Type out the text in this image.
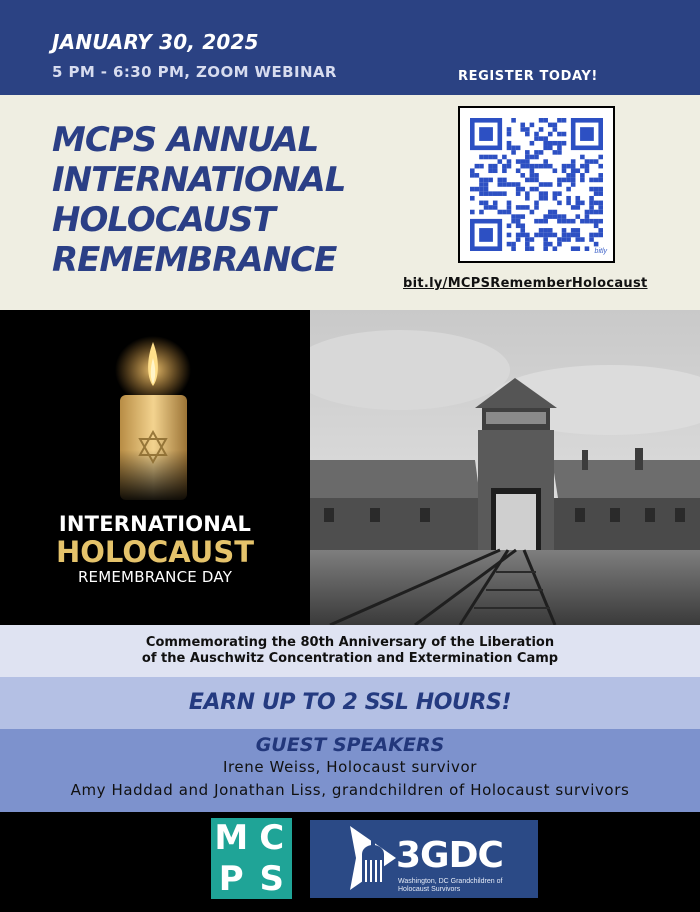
JANUARY 30, 2025
5 PM - 6:30 PM, ZOOM WEBINAR	REGISTER TODAY!
MCPS ANNUAL
INTERNATIONAL
HOLOCAUST
REMEMBRANCE	bitly
bit.ly/MCPSRememberHolocaust
INTERNATIONAL
HOLOCAUST
REMEMBRANCE DAY
Commemorating the 80th Anniversary of the Liberation
of the Auschwitz Concentration and Extermination Camp
EARN UP TO 2 SSL HOURS!
GUEST SPEAKERS
Irene Weiss, Holocaust survivor
Amy Haddad and Jonathan Liss, grandchildren of Holocaust survivors
M C
P S
3GDC
Washington, DC Grandchildren of Holocaust Survivors
